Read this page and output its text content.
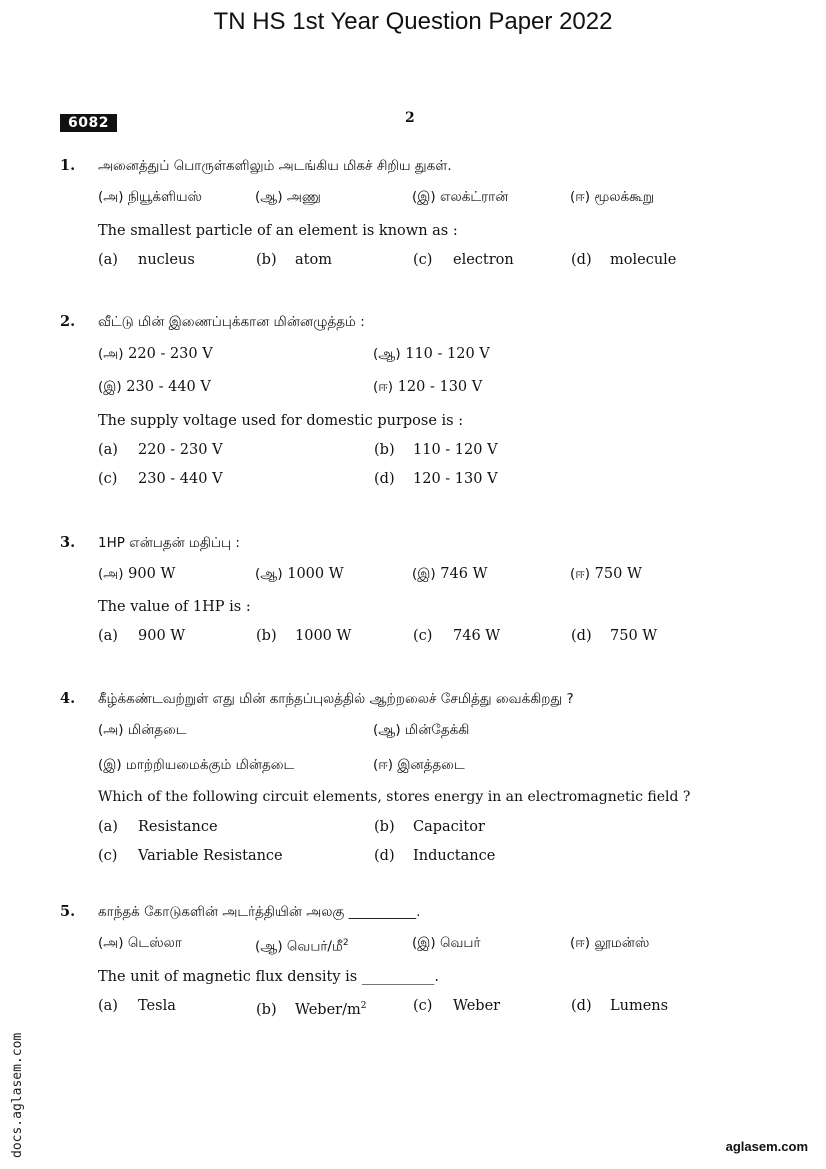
TN HS 1st Year Question Paper 2022
6082	2
1. அனைத்துப் பொருள்களிலும் அடங்கிய மிகச் சிறிய துகள்.
(அ) நியூக்ளியஸ்	(ஆ) அணு	(இ) எலக்ட்ரான்	(ஈ) மூலக்கூறு
The smallest particle of an element is known as :
(a) nucleus	(b) atom	(c) electron	(d) molecule
2. வீட்டு மின் இணைப்புக்கான மின்னழுத்தம் :
(அ) 220 - 230 V	(ஆ) 110 - 120 V
(இ) 230 - 440 V	(ஈ) 120 - 130 V
The supply voltage used for domestic purpose is :
(a) 220 - 230 V	(b) 110 - 120 V
(c) 230 - 440 V	(d) 120 - 130 V
3. 1HP என்பதன் மதிப்பு :
(அ) 900 W	(ஆ) 1000 W	(இ) 746 W	(ஈ) 750 W
The value of 1HP is :
(a) 900 W	(b) 1000 W	(c) 746 W	(d) 750 W
4. கீழ்க்கண்டவற்றுள் எது மின் காந்தப்புலத்தில் ஆற்றலைச் சேமித்து வைக்கிறது ?
(அ) மின்தடை	(ஆ) மின்தேக்கி
(இ) மாற்றியமைக்கும் மின்தடை	(ஈ) இனத்தடை
Which of the following circuit elements, stores energy in an electromagnetic field ?
(a) Resistance	(b) Capacitor
(c) Variable Resistance	(d) Inductance
5. காந்தக் கோடுகளின் அடர்த்தியின் அலகு __________.
(அ) டெஸ்லா	(ஆ) வெபர்/மீ$^2$	(இ) வெபர்	(ஈ) லூமன்ஸ்
The unit of magnetic flux density is __________.
(a) Tesla	(b) Weber/$m^2$	(c) Weber	(d) Lumens
docs.aglasem.com	aglasem.com
